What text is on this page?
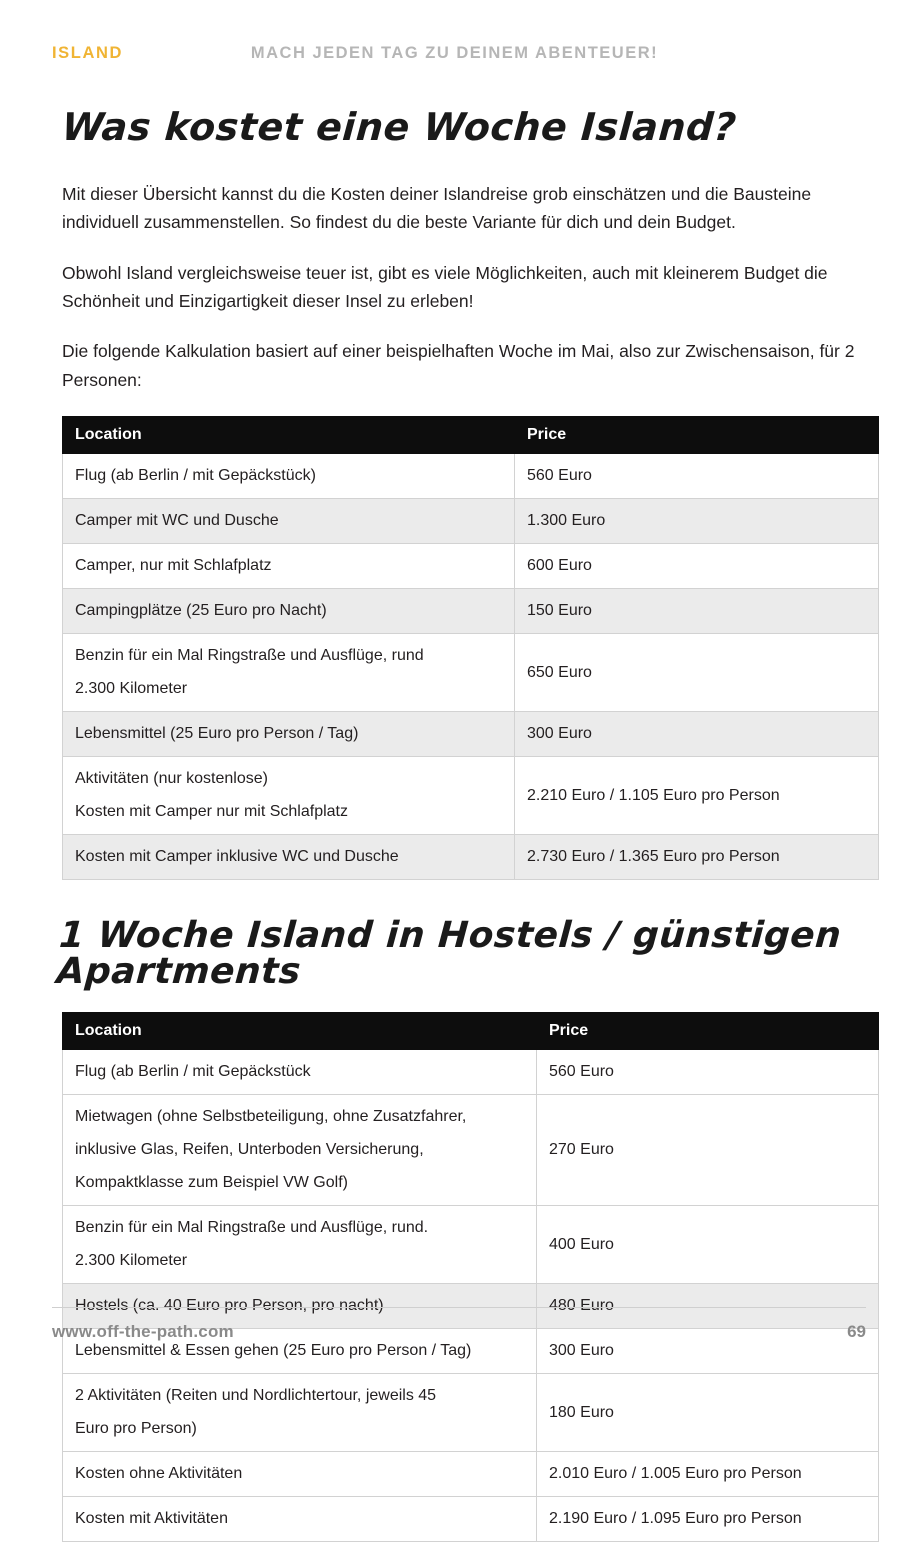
ISLAND	MACH JEDEN TAG ZU DEINEM ABENTEUER!
Was kostet eine Woche Island?

Mit dieser Übersicht kannst du die Kosten deiner Islandreise grob einschätzen und die Bausteine individuell zusammenstellen. So findest du die beste Variante für dich und dein Budget.

Obwohl Island vergleichsweise teuer ist, gibt es viele Möglichkeiten, auch mit kleinerem Budget die Schönheit und Einzigartigkeit dieser Insel zu erleben!

Die folgende Kalkulation basiert auf einer beispielhaften Woche im Mai, also zur Zwischensaison, für 2 Personen:

Location	Price
Flug (ab Berlin / mit Gepäckstück)	560 Euro
Camper mit WC und Dusche	1.300 Euro
Camper, nur mit Schlafplatz	600 Euro
Campingplätze (25 Euro pro Nacht)	150 Euro

Benzin für ein Mal Ringstraße und Ausflüge, rund
2.300 Kilometer	650 Euro
Lebensmittel (25 Euro pro Person / Tag)	300 Euro

Aktivitäten (nur kostenlose)
Kosten mit Camper nur mit Schlafplatz	2.210 Euro / 1.105 Euro pro Person
Kosten mit Camper inklusive WC und Dusche	2.730 Euro / 1.365 Euro pro Person
1 Woche Island in Hostels / günstigen Apartments
Location	Price
Flug (ab Berlin / mit Gepäckstück	560 Euro

Mietwagen (ohne Selbstbeteiligung, ohne Zusatzfahrer,
inklusive Glas, Reifen, Unterboden Versicherung,
Kompaktklasse zum Beispiel VW Golf)	270 Euro

Benzin für ein Mal Ringstraße und Ausflüge, rund.
2.300 Kilometer	400 Euro
Hostels (ca. 40 Euro pro Person, pro nacht)	480 Euro
Lebensmittel & Essen gehen (25 Euro pro Person / Tag)	300 Euro

2 Aktivitäten (Reiten und Nordlichtertour, jeweils 45
Euro pro Person)	180 Euro
Kosten ohne Aktivitäten	2.010 Euro / 1.005 Euro pro Person
Kosten mit Aktivitäten	2.190 Euro / 1.095 Euro pro Person
www.off-the-path.com	69
